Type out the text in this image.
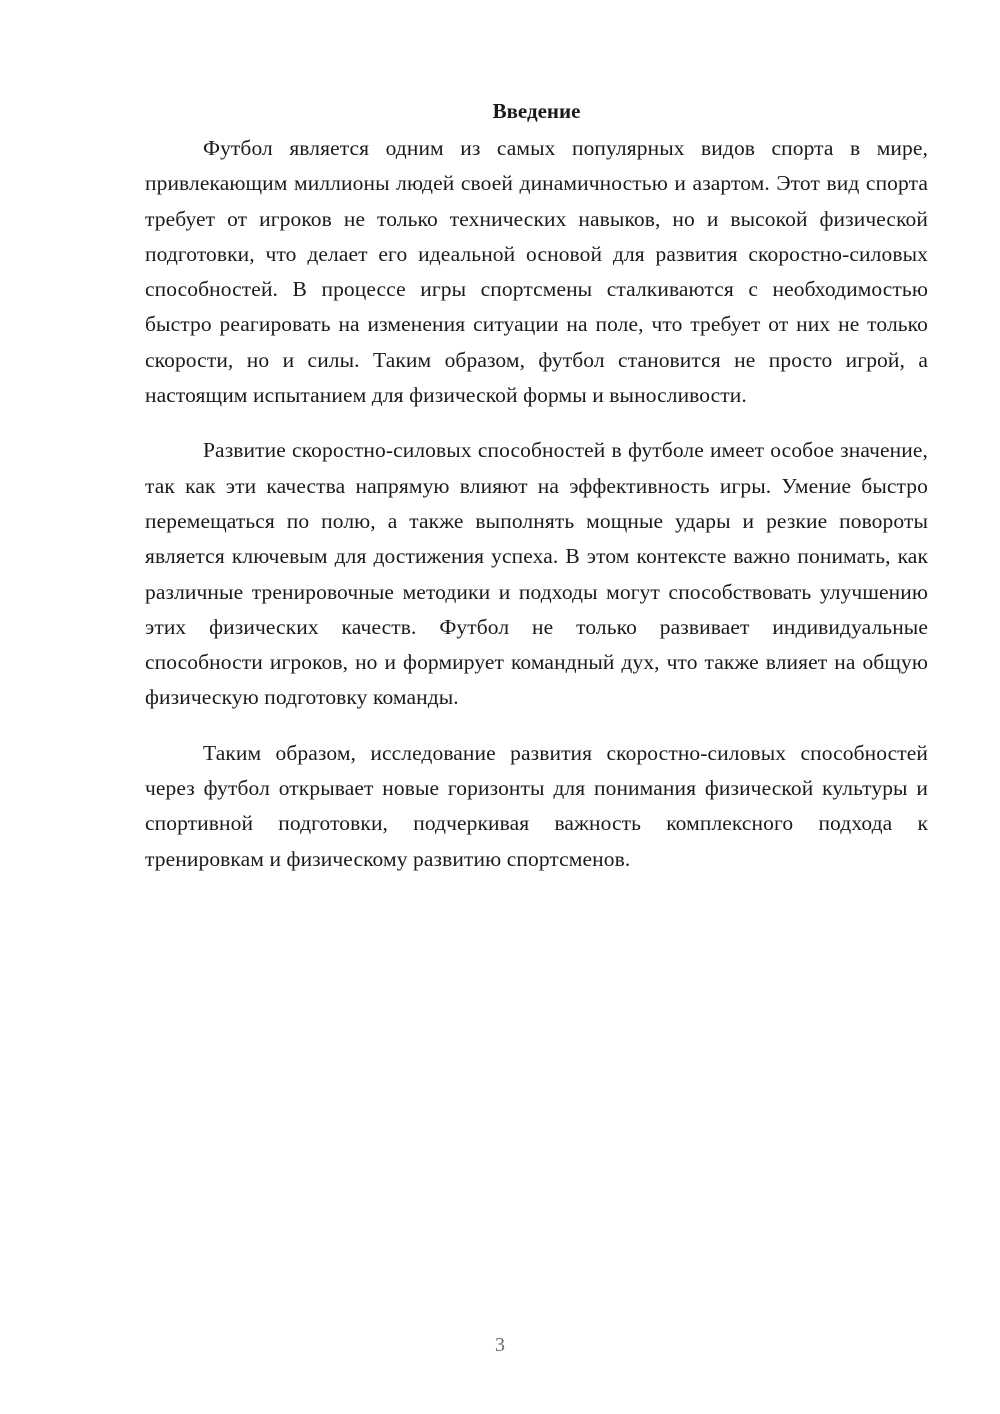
Введение

Футбол является одним из самых популярных видов спорта в мире, привлекающим миллионы людей своей динамичностью и азартом. Этот вид спорта требует от игроков не только технических навыков, но и высокой физической подготовки, что делает его идеальной основой для развития скоростно-силовых способностей. В процессе игры спортсмены сталкиваются с необходимостью быстро реагировать на изменения ситуации на поле, что требует от них не только скорости, но и силы. Таким образом, футбол становится не просто игрой, а настоящим испытанием для физической формы и выносливости.

Развитие скоростно-силовых способностей в футболе имеет особое значение, так как эти качества напрямую влияют на эффективность игры. Умение быстро перемещаться по полю, а также выполнять мощные удары и резкие повороты является ключевым для достижения успеха. В этом контексте важно понимать, как различные тренировочные методики и подходы могут способствовать улучшению этих физических качеств. Футбол не только развивает индивидуальные способности игроков, но и формирует командный дух, что также влияет на общую физическую подготовку команды.

Таким образом, исследование развития скоростно-силовых способностей через футбол открывает новые горизонты для понимания физической культуры и спортивной подготовки, подчеркивая важность комплексного подхода к тренировкам и физическому развитию спортсменов.

3
